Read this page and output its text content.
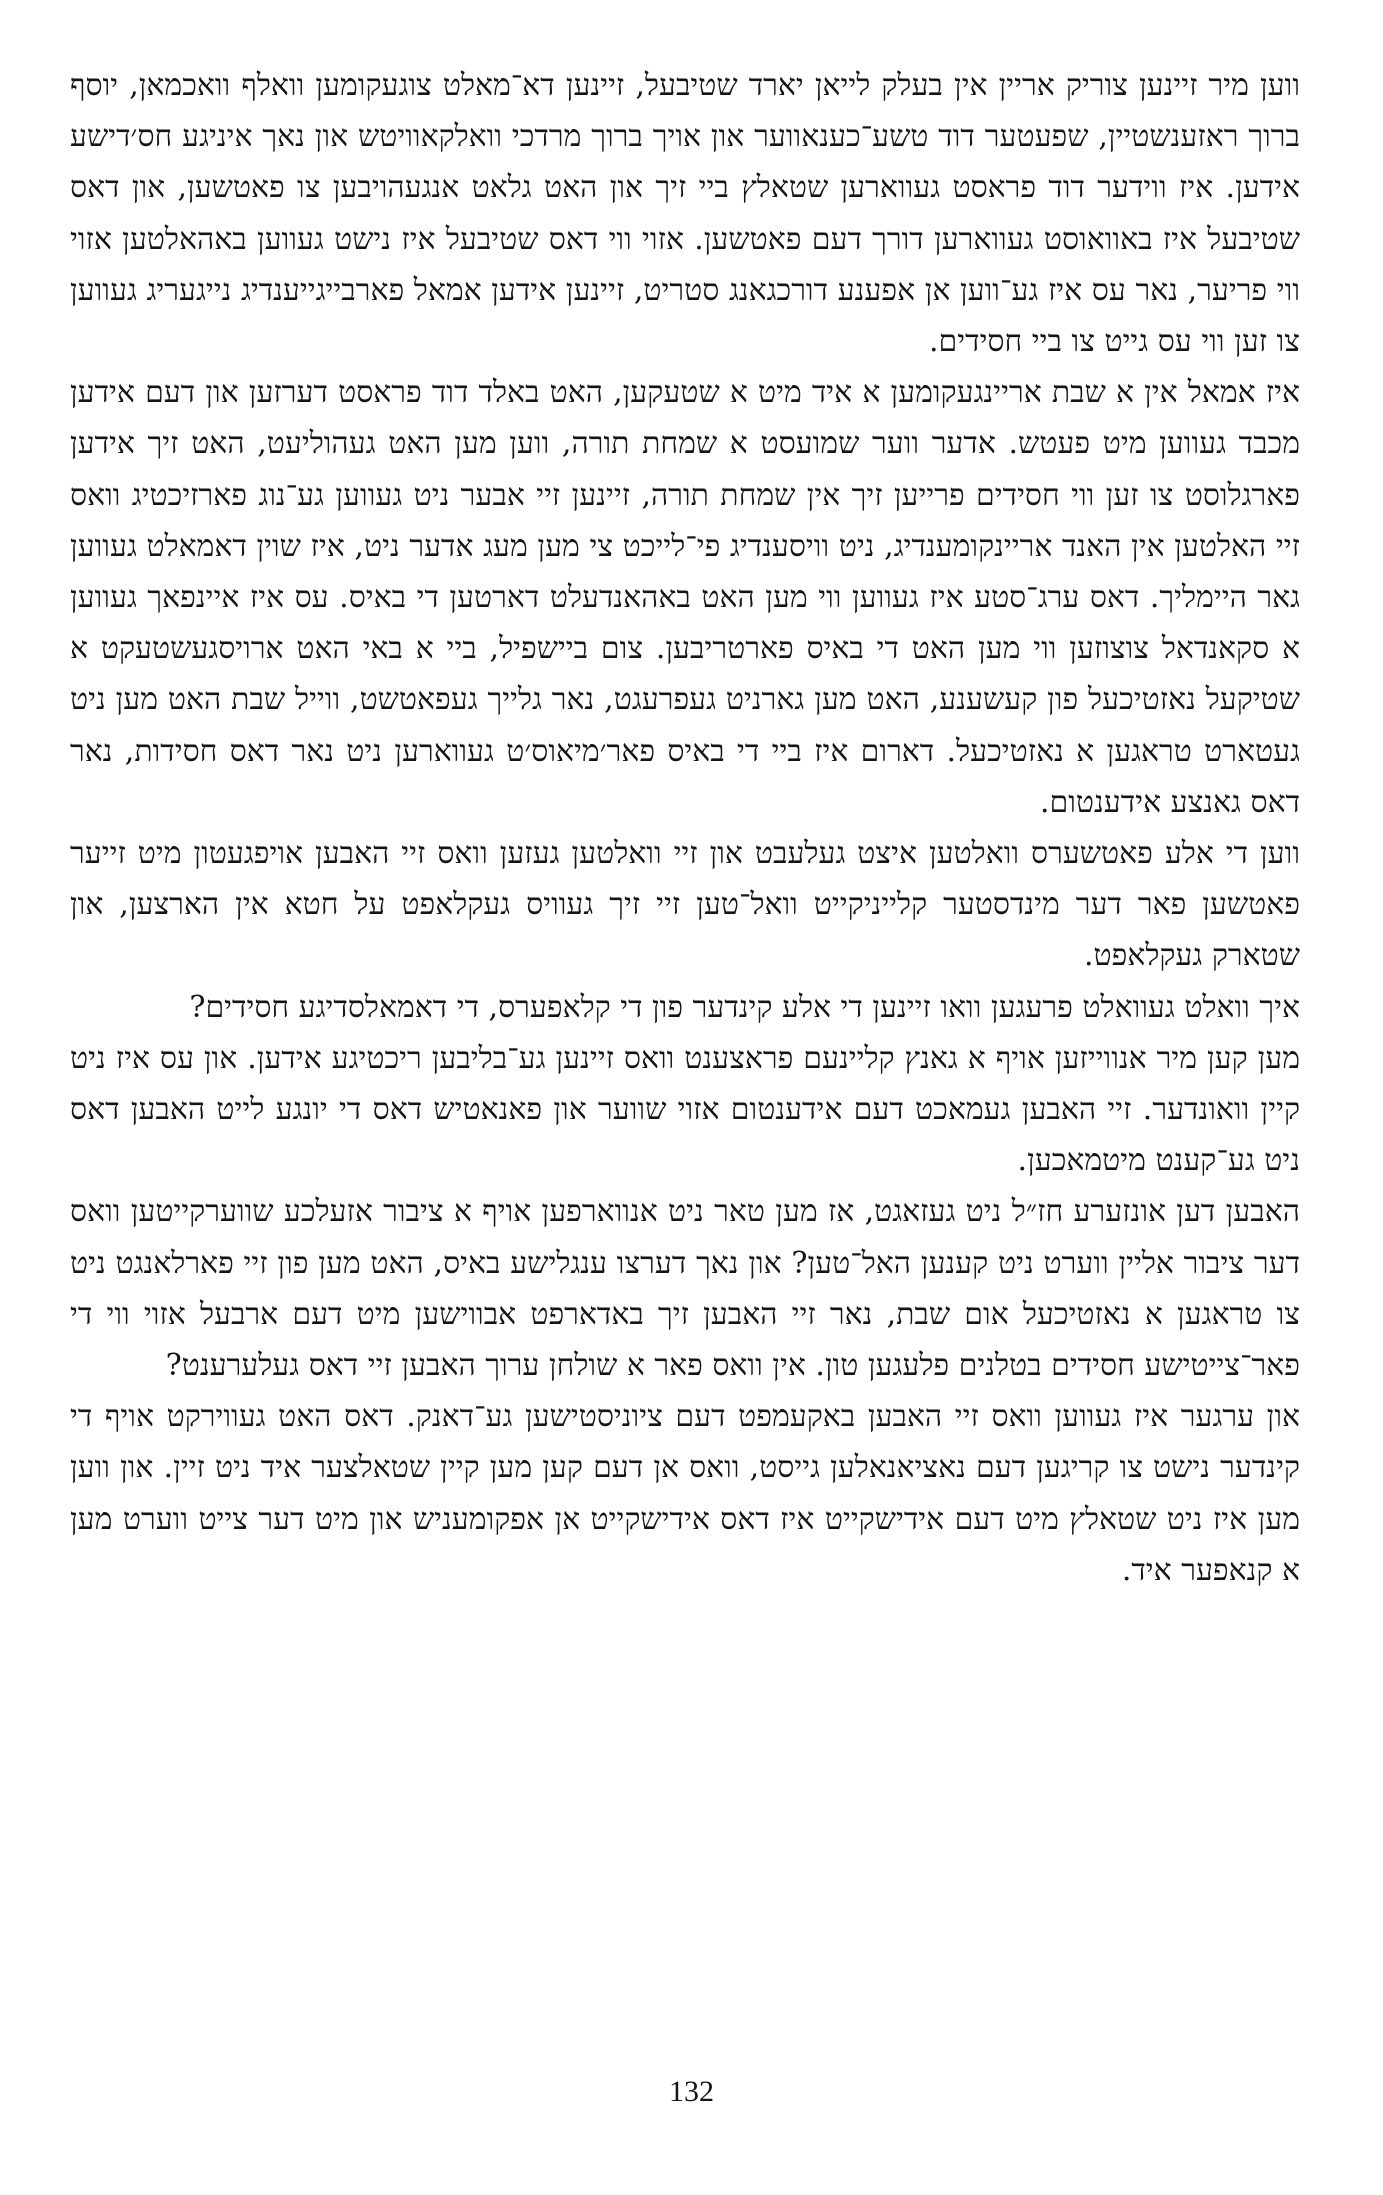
ווען מיר זיינען צוריק אריין אין בעלק לייאן יארד שטיבעל, זיינען דא־מאלט צוגעקומען וואלף וואכמאן, יוסף ברוך ראזענשטיין, שפעטער דוד טשע־כענאווער און אויך ברוך מרדכי וואלקאוויטש און נאך איניגע חס׳דישע אידען. איז ווידער דוד פראסט געווארען שטאלץ ביי זיך און האט גלאט אנגעהויבען צו פאטשען, און דאס שטיבעל איז באוואוסט געווארען דורך דעם פאטשען. אזוי ווי דאס שטיבעל איז נישט געווען באהאלטען אזוי ווי פריער, נאר עס איז גע־ווען אן אפענע דורכגאנג סטריט, זיינען אידען אמאל פארבייגייענדיג נייגעריג געווען צו זען ווי עס גייט צו ביי חסידים.

איז אמאל אין א שבת אריינגעקומען א איד מיט א שטעקען, האט באלד דוד פראסט דערזען און דעם אידען מכבד געווען מיט פעטש. אדער ווער שמועסט א שמחת תורה, ווען מען האט געהוליעט, האט זיך אידען פארגלוסט צו זען ווי חסידים פרייען זיך אין שמחת תורה, זיינען זיי אבער ניט געווען גע־נוג פארזיכטיג וואס זיי האלטען אין האנד אריינקומענדיג, ניט וויסענדיג פי־לייכט צי מען מעג אדער ניט, איז שוין דאמאלט געווען גאר היימליך. דאס ערג־סטע איז געווען ווי מען האט באהאנדעלט דארטען די באיס. עס איז איינפאך געווען א סקאנדאל צוצוזען ווי מען האט די באיס פארטריבען. צום ביישפיל, ביי א באי האט ארויסגעשטעקט א שטיקעל נאזטיכעל פון קעשענע, האט מען גארניט געפרעגט, נאר גלייך געפאטשט, ווייל שבת האט מען ניט געטארט טראגען א נאזטיכעל. דארום איז ביי די באיס פאר׳מיאוס׳ט געווארען ניט נאר דאס חסידות, נאר דאס גאנצע אידענטום.

ווען די אלע פאטשערס וואלטען איצט געלעבט און זיי וואלטען געזען וואס זיי האבען אויפגעטון מיט זייער פאטשען פאר דער מינדסטער קלייניקייט וואל־טען זיי זיך געוויס געקלאפט על חטא אין הארצען, און שטארק געקלאפט.

איך וואלט געוואלט פרעגען וואו זיינען די אלע קינדער פון די קלאפערס, די דאמאלסדיגע חסידים?

מען קען מיר אנווייזען אויף א גאנץ קליינעם פראצענט וואס זיינען גע־בליבען ריכטיגע אידען. און עס איז ניט קיין וואונדער. זיי האבען געמאכט דעם אידענטום אזוי שווער און פאנאטיש דאס די יונגע לייט האבען דאס ניט גע־קענט מיטמאכען.

האבען דען אונזערע חז״ל ניט געזאגט, אז מען טאר ניט אנווארפען אויף א ציבור אזעלכע שווערקייטען וואס דער ציבור אליין ווערט ניט קענען האל־טען? און נאך דערצו ענגלישע באיס, האט מען פון זיי פארלאנגט ניט צו טראגען א נאזטיכעל אום שבת, נאר זיי האבען זיך באדארפט אבווישען מיט דעם ארבעל אזוי ווי די פאר־צייטישע חסידים בטלנים פלעגען טון. אין וואס פאר א שולחן ערוך האבען זיי דאס געלערענט?

און ערגער איז געווען וואס זיי האבען באקעמפט דעם ציוניסטישען גע־דאנק. דאס האט געווירקט אויף די קינדער נישט צו קריגען דעם נאציאנאלען גייסט, וואס אן דעם קען מען קיין שטאלצער איד ניט זיין. און ווען מען איז ניט שטאלץ מיט דעם אידישקייט איז דאס אידישקייט אן אפקומעניש און מיט דער צייט ווערט מען א קנאפער איד.

132
